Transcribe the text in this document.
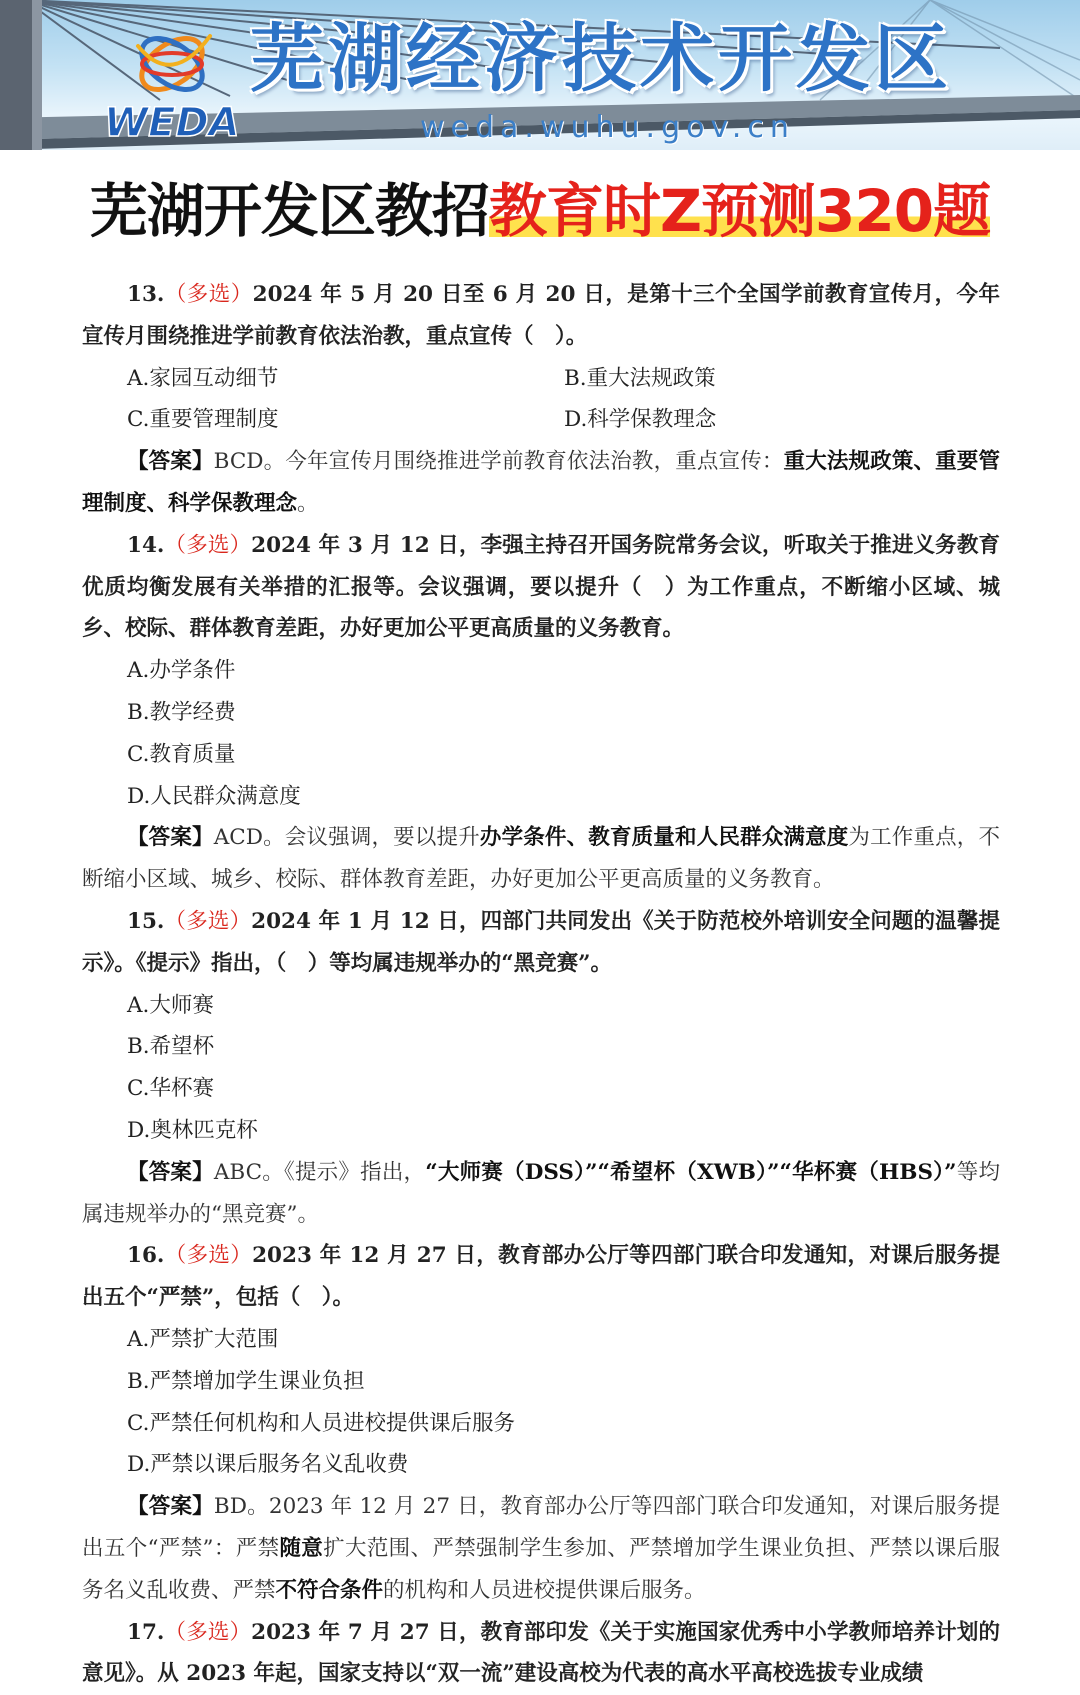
WEDA
芜湖经济技术开发区
weda.wuhu.gov.cn
芜湖开发区教招教育时Z预测320题

13.（多选）2024 年 5 月 20 日至 6 月 20 日，是第十三个全国学前教育宣传月，今年宣传月围绕推进学前教育依法治教，重点宣传（　）。

A.家园互动细节	B.重大法规政策
C.重要管理制度	D.科学保教理念

【答案】BCD。今年宣传月围绕推进学前教育依法治教，重点宣传：重大法规政策、重要管理制度、科学保教理念。

14.（多选）2024 年 3 月 12 日，李强主持召开国务院常务会议，听取关于推进义务教育优质均衡发展有关举措的汇报等。会议强调，要以提升（　）为工作重点，不断缩小区域、城乡、校际、群体教育差距，办好更加公平更高质量的义务教育。

A.办学条件
B.教学经费
C.教育质量
D.人民群众满意度

【答案】ACD。会议强调，要以提升办学条件、教育质量和人民群众满意度为工作重点，不断缩小区域、城乡、校际、群体教育差距，办好更加公平更高质量的义务教育。

15.（多选）2024 年 1 月 12 日，四部门共同发出《关于防范校外培训安全问题的温馨提示》。《提示》指出，（　）等均属违规举办的“黑竞赛”。

A.大师赛
B.希望杯
C.华杯赛
D.奥林匹克杯

【答案】ABC。《提示》指出，“大师赛（DSS）”“希望杯（XWB）”“华杯赛（HBS）”等均属违规举办的“黑竞赛”。

16.（多选）2023 年 12 月 27 日，教育部办公厅等四部门联合印发通知，对课后服务提出五个“严禁”，包括（　）。

A.严禁扩大范围
B.严禁增加学生课业负担
C.严禁任何机构和人员进校提供课后服务
D.严禁以课后服务名义乱收费

【答案】BD。2023 年 12 月 27 日，教育部办公厅等四部门联合印发通知，对课后服务提出五个“严禁”：严禁随意扩大范围、严禁强制学生参加、严禁增加学生课业负担、严禁以课后服务名义乱收费、严禁不符合条件的机构和人员进校提供课后服务。

17.（多选）2023 年 7 月 27 日，教育部印发《关于实施国家优秀中小学教师培养计划的意见》。从 2023 年起，国家支持以“双一流”建设高校为代表的高水平高校选拔专业成绩
